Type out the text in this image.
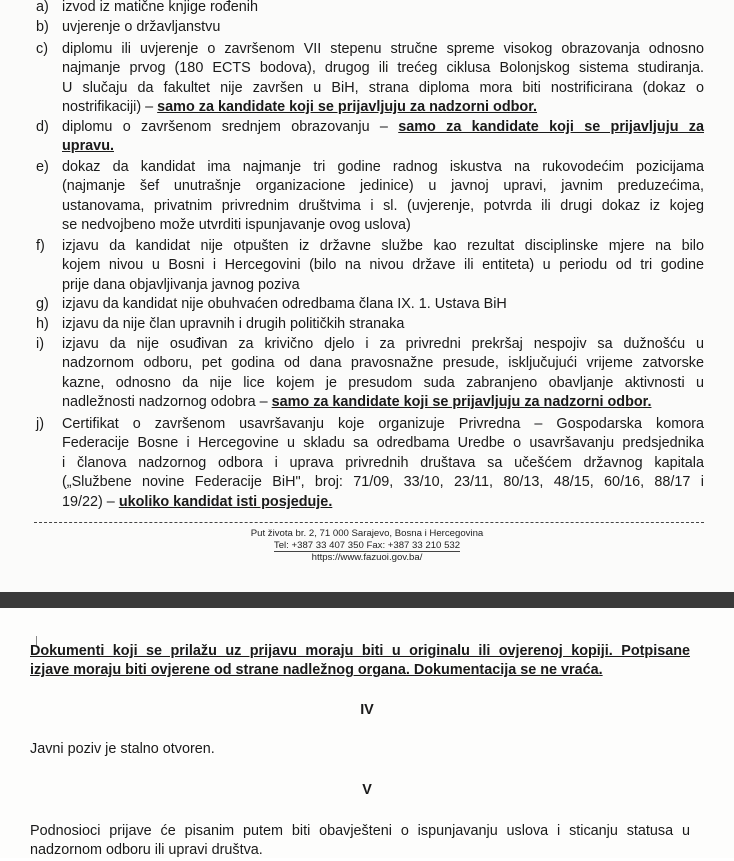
a) izvod iz matične knjige rođenih
b) uvjerenje o državljanstvu
c) diplomu ili uvjerenje o završenom VII stepenu stručne spreme visokog obrazovanja odnosno
najmanje prvog (180 ECTS bodova), drugog ili trećeg ciklusa Bolonjskog sistema studiranja.
U slučaju da fakultet nije završen u BiH, strana diploma mora biti nostrificirana (dokaz o
nostrifikaciji) – samo za kandidate koji se prijavljuju za nadzorni odbor.
d) diplomu o završenom srednjem obrazovanju – samo za kandidate koji se prijavljuju za
upravu.
e) dokaz da kandidat ima najmanje tri godine radnog iskustva na rukovodećim pozicijama
(najmanje šef unutrašnje organizacione jedinice) u javnoj upravi, javnim preduzećima,
ustanovama, privatnim privrednim društvima i sl. (uvjerenje, potvrda ili drugi dokaz iz kojeg
se nedvojbeno može utvrditi ispunjavanje ovog uslova)
f)	izjavu da kandidat nije otpušten iz državne službe kao rezultat disciplinske mjere na bilo
kojem nivou u Bosni i Hercegovini (bilo na nivou države ili entiteta) u periodu od tri godine
prije dana objavljivanja javnog poziva
g) izjavu da kandidat nije obuhvaćen odredbama člana IX. 1. Ustava BiH
h) izjavu da nije član upravnih i drugih političkih stranaka
i)	izjavu da nije osuđivan za krivično djelo i za privredni prekršaj nespojiv sa dužnošću u
nadzornom odboru, pet godina od dana pravosnažne presude, isključujući vrijeme zatvorske
kazne, odnosno da nije lice kojem je presudom suda zabranjeno obavljanje aktivnosti u
nadležnosti nadzornog odobra – samo za kandidate koji se prijavljuju za nadzorni odbor.
j)	Certifikat o završenom usavršavanju koje organizuje Privredna – Gospodarska komora
Federacije Bosne i Hercegovine u skladu sa odredbama Uredbe o usavršavanju predsjednika
i članova nadzornog odbora i uprava privrednih društava sa učešćem državnog kapitala
(„Službene novine Federacije BiH", broj: 71/09, 33/10, 23/11, 80/13, 48/15, 60/16, 88/17 i
19/22) – ukoliko kandidat isti posjeduje.
Put života br. 2, 71 000 Sarajevo, Bosna i Hercegovina
Tel: +387 33 407 350 Fax: +387 33 210 532
https://www.fazuoi.gov.ba/
Dokumenti koji se prilažu uz prijavu moraju biti u originalu ili ovjerenoj kopiji. Potpisane
izjave moraju biti ovjerene od strane nadležnog organa. Dokumentacija se ne vraća.
IV
Javni poziv je stalno otvoren.
V
Podnosioci prijave će pisanim putem biti obavješteni o ispunjavanju uslova i sticanju statusa u
nadzornom odboru ili upravi društva.
